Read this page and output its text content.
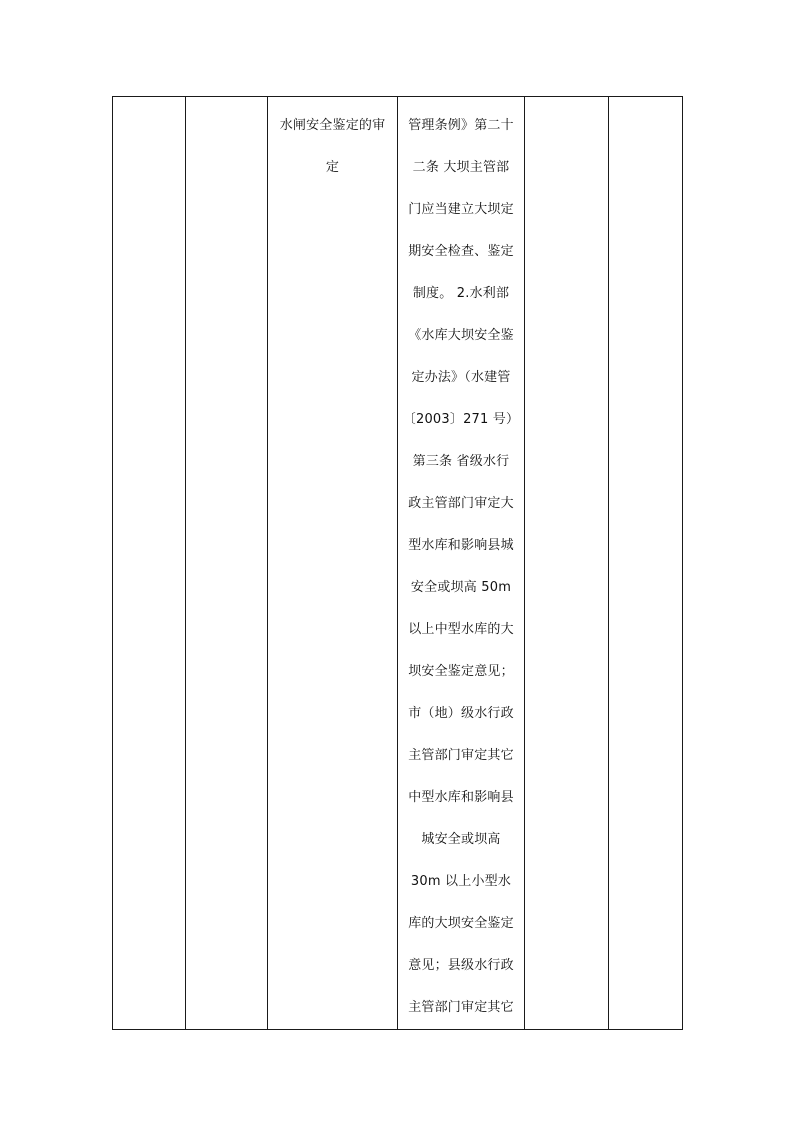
水闸安全鉴定的审
定

管理条例》第二十
二条 大坝主管部
门应当建立大坝定
期安全检查、鉴定
制度。 2.水利部
《水库大坝安全鉴
定办法》（水建管
〔2003〕271 号）
第三条 省级水行
政主管部门审定大
型水库和影响县城
安全或坝高 50m
以上中型水库的大
坝安全鉴定意见；
市（地）级水行政
主管部门审定其它
中型水库和影响县
城安全或坝高
30m 以上小型水
库的大坝安全鉴定
意见；县级水行政
主管部门审定其它
